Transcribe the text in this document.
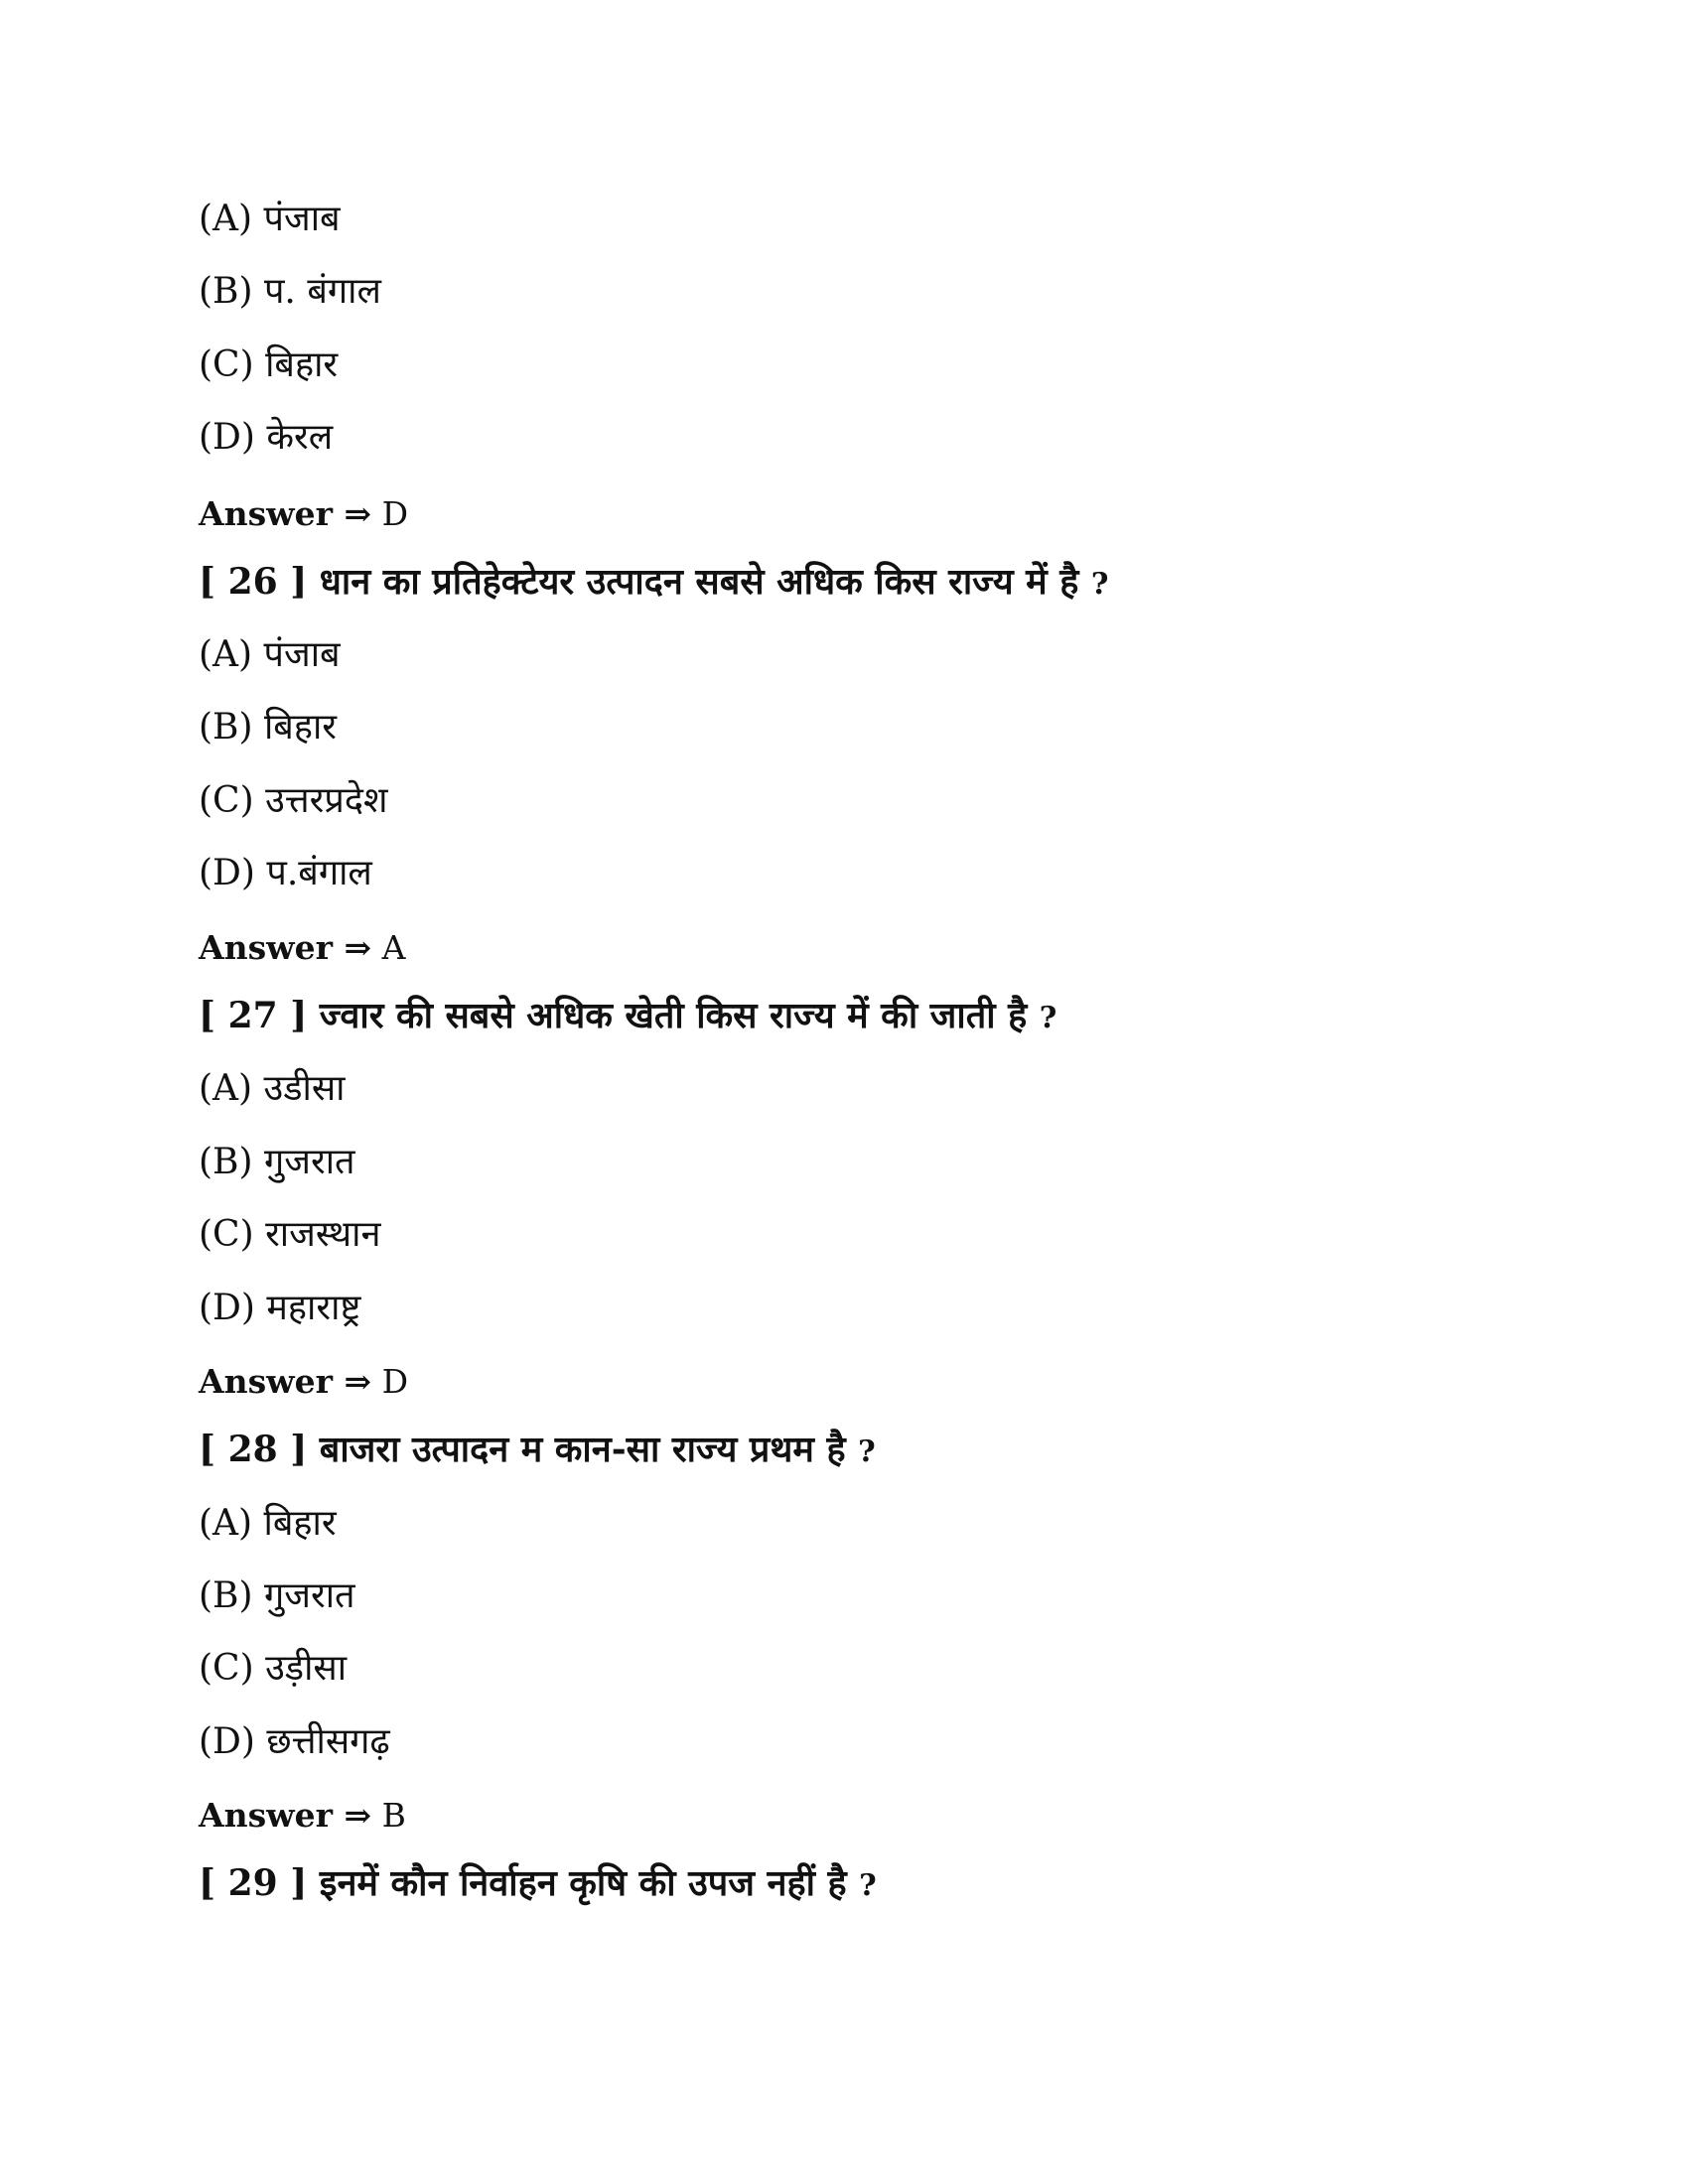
(A) पंजाब
(B) प. बंगाल
(C) बिहार
(D) केरल
Answer ⇒ D
[ 26 ] धान का प्रतिहेक्टेयर उत्पादन सबसे अधिक किस राज्य में है ?
(A) पंजाब
(B) बिहार
(C) उत्तरप्रदेश
(D) प.बंगाल
Answer ⇒ A
[ 27 ] ज्वार की सबसे अधिक खेती किस राज्य में की जाती है ?
(A) उडीसा
(B) गुजरात
(C) राजस्थान
(D) महाराष्ट्र
Answer ⇒ D
[ 28 ] बाजरा उत्पादन म कान-सा राज्य प्रथम है ?
(A) बिहार
(B) गुजरात
(C) उड़ीसा
(D) छत्तीसगढ़
Answer ⇒ B
[ 29 ] इनमें कौन निर्वाहन कृषि की उपज नहीं है ?
